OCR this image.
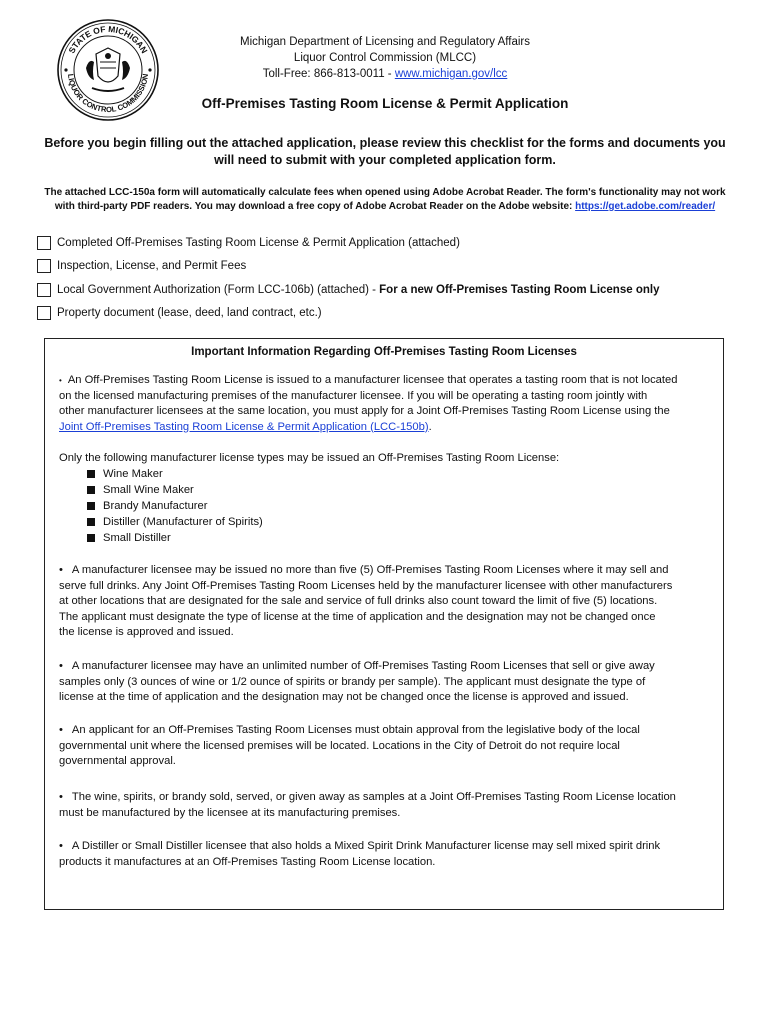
STATE OF MICHIGAN
LIQUOR CONTROL COMMISSION
Michigan Department of Licensing and Regulatory Affairs
Liquor Control Commission (MLCC)
Toll-Free: 866-813-0011 - www.michigan.gov/lcc
Off-Premises Tasting Room License & Permit Application
Before you begin filling out the attached application, please review this checklist for the forms and documents you
will need to submit with your completed application form.
The attached LCC-150a form will automatically calculate fees when opened using Adobe Acrobat Reader. The form's functionality may not work
with third-party PDF readers. You may download a free copy of Adobe Acrobat Reader on the Adobe website: https://get.adobe.com/reader/
Completed Off-Premises Tasting Room License & Permit Application (attached)
Inspection, License, and Permit Fees
Local Government Authorization (Form LCC-106b) (attached) - For a new Off-Premises Tasting Room License only
Property document (lease, deed, land contract, etc.)
Important Information Regarding Off-Premises Tasting Room Licenses
• An Off-Premises Tasting Room License is issued to a manufacturer licensee that operates a tasting room that is not located
on the licensed manufacturing premises of the manufacturer licensee. If you will be operating a tasting room jointly with
other manufacturer licensees at the same location, you must apply for a Joint Off-Premises Tasting Room License using the
Joint Off-Premises Tasting Room License & Permit Application (LCC-150b).
Only the following manufacturer license types may be issued an Off-Premises Tasting Room License:
Wine Maker
Small Wine Maker
Brandy Manufacturer
Distiller (Manufacturer of Spirits)
Small Distiller
• A manufacturer licensee may be issued no more than five (5) Off-Premises Tasting Room Licenses where it may sell and
serve full drinks. Any Joint Off-Premises Tasting Room Licenses held by the manufacturer licensee with other manufacturers
at other locations that are designated for the sale and service of full drinks also count toward the limit of five (5) locations.
The applicant must designate the type of license at the time of application and the designation may not be changed once
the license is approved and issued.
• A manufacturer licensee may have an unlimited number of Off-Premises Tasting Room Licenses that sell or give away
samples only (3 ounces of wine or 1/2 ounce of spirits or brandy per sample). The applicant must designate the type of
license at the time of application and the designation may not be changed once the license is approved and issued.
• An applicant for an Off-Premises Tasting Room Licenses must obtain approval from the legislative body of the local
governmental unit where the licensed premises will be located. Locations in the City of Detroit do not require local
governmental approval.
• The wine, spirits, or brandy sold, served, or given away as samples at a Joint Off-Premises Tasting Room License location
must be manufactured by the licensee at its manufacturing premises.
• A Distiller or Small Distiller licensee that also holds a Mixed Spirit Drink Manufacturer license may sell mixed spirit drink
products it manufactures at an Off-Premises Tasting Room License location.
